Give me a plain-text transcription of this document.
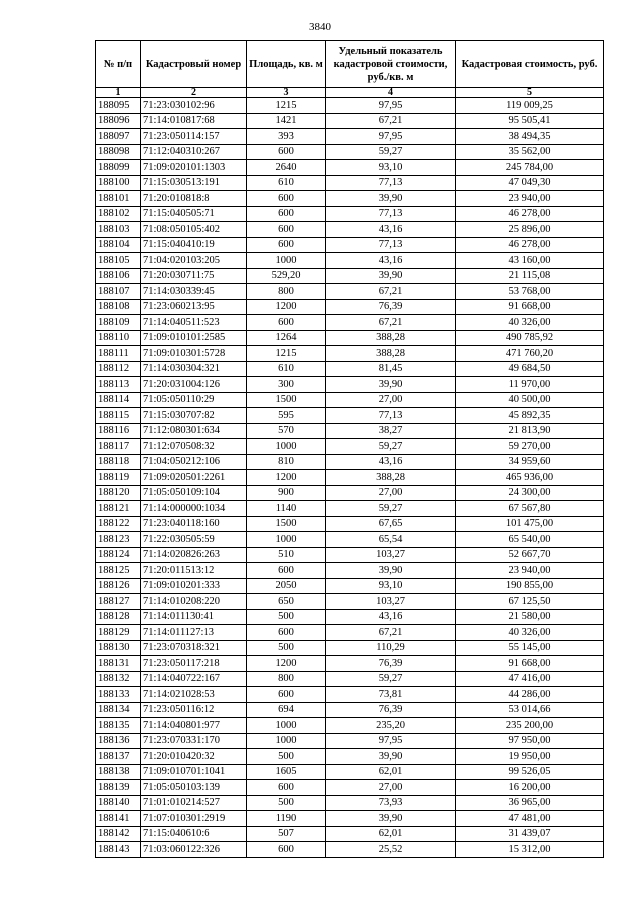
3840
№ п/п	Кадастровый номер	Площадь, кв. м	Удельный показатель кадастровой стоимости, руб./кв. м	Кадастровая стоимость, руб.
1	2	3	4	5
188095	71:23:030102:96	1215	97,95	119 009,25
188096	71:14:010817:68	1421	67,21	95 505,41
188097	71:23:050114:157	393	97,95	38 494,35
188098	71:12:040310:267	600	59,27	35 562,00
188099	71:09:020101:1303	2640	93,10	245 784,00
188100	71:15:030513:191	610	77,13	47 049,30
188101	71:20:010818:8	600	39,90	23 940,00
188102	71:15:040505:71	600	77,13	46 278,00
188103	71:08:050105:402	600	43,16	25 896,00
188104	71:15:040410:19	600	77,13	46 278,00
188105	71:04:020103:205	1000	43,16	43 160,00
188106	71:20:030711:75	529,20	39,90	21 115,08
188107	71:14:030339:45	800	67,21	53 768,00
188108	71:23:060213:95	1200	76,39	91 668,00
188109	71:14:040511:523	600	67,21	40 326,00
188110	71:09:010101:2585	1264	388,28	490 785,92
188111	71:09:010301:5728	1215	388,28	471 760,20
188112	71:14:030304:321	610	81,45	49 684,50
188113	71:20:031004:126	300	39,90	11 970,00
188114	71:05:050110:29	1500	27,00	40 500,00
188115	71:15:030707:82	595	77,13	45 892,35
188116	71:12:080301:634	570	38,27	21 813,90
188117	71:12:070508:32	1000	59,27	59 270,00
188118	71:04:050212:106	810	43,16	34 959,60
188119	71:09:020501:2261	1200	388,28	465 936,00
188120	71:05:050109:104	900	27,00	24 300,00
188121	71:14:000000:1034	1140	59,27	67 567,80
188122	71:23:040118:160	1500	67,65	101 475,00
188123	71:22:030505:59	1000	65,54	65 540,00
188124	71:14:020826:263	510	103,27	52 667,70
188125	71:20:011513:12	600	39,90	23 940,00
188126	71:09:010201:333	2050	93,10	190 855,00
188127	71:14:010208:220	650	103,27	67 125,50
188128	71:14:011130:41	500	43,16	21 580,00
188129	71:14:011127:13	600	67,21	40 326,00
188130	71:23:070318:321	500	110,29	55 145,00
188131	71:23:050117:218	1200	76,39	91 668,00
188132	71:14:040722:167	800	59,27	47 416,00
188133	71:14:021028:53	600	73,81	44 286,00
188134	71:23:050116:12	694	76,39	53 014,66
188135	71:14:040801:977	1000	235,20	235 200,00
188136	71:23:070331:170	1000	97,95	97 950,00
188137	71:20:010420:32	500	39,90	19 950,00
188138	71:09:010701:1041	1605	62,01	99 526,05
188139	71:05:050103:139	600	27,00	16 200,00
188140	71:01:010214:527	500	73,93	36 965,00
188141	71:07:010301:2919	1190	39,90	47 481,00
188142	71:15:040610:6	507	62,01	31 439,07
188143	71:03:060122:326	600	25,52	15 312,00
